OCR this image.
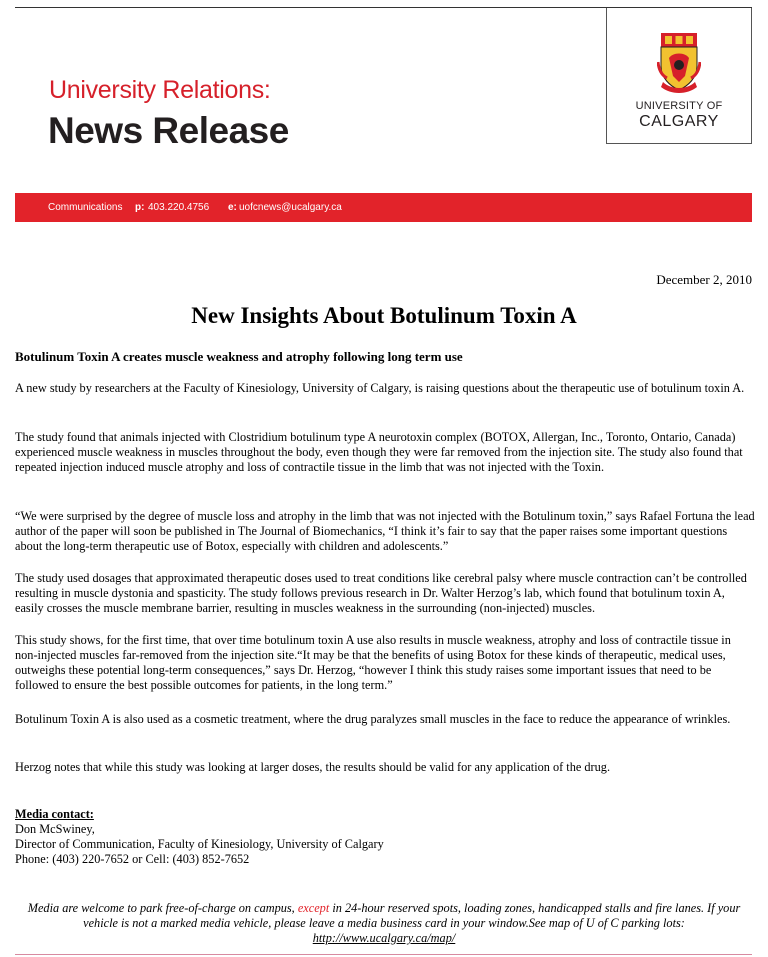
University Relations:
News Release
UNIVERSITY OF
CALGARY
Communications p: 403.220.4756 e: uofcnews@ucalgary.ca
December 2, 2010
New Insights About Botulinum Toxin A
Botulinum Toxin A creates muscle weakness and atrophy following long term use

A new study by researchers at the Faculty of Kinesiology, University of Calgary, is raising questions about the therapeutic use of botulinum toxin A.

The study found that animals injected with Clostridium botulinum type A neurotoxin complex (BOTOX, Allergan, Inc., Toronto, Ontario, Canada) experienced muscle weakness in muscles throughout the body, even though they were far removed from the injection site. The study also found that repeated injection induced muscle atrophy and loss of contractile tissue in the limb that was not injected with the Toxin.

“We were surprised by the degree of muscle loss and atrophy in the limb that was not injected with the Botulinum toxin,” says Rafael Fortuna the lead author of the paper will soon be published in The Journal of Biomechanics, “I think it’s fair to say that the paper raises some important questions about the long-term therapeutic use of Botox, especially with children and adolescents.”

The study used dosages that approximated therapeutic doses used to treat conditions like cerebral palsy where muscle contraction can’t be controlled resulting in muscle dystonia and spasticity. The study follows previous research in Dr. Walter Herzog’s lab, which found that botulinum toxin A, easily crosses the muscle membrane barrier, resulting in muscles weakness in the surrounding (non-injected) muscles.

This study shows, for the first time, that over time botulinum toxin A use also results in muscle weakness, atrophy and loss of contractile tissue in non-injected muscles far-removed from the injection site.“It may be that the benefits of using Botox for these kinds of therapeutic, medical uses, outweighs these potential long-term consequences,” says Dr. Herzog, “however I think this study raises some important issues that need to be followed to ensure the best possible outcomes for patients, in the long term.”

Botulinum Toxin A is also used as a cosmetic treatment, where the drug paralyzes small muscles in the face to reduce the appearance of wrinkles.

Herzog notes that while this study was looking at larger doses, the results should be valid for any application of the drug.

Media contact:
Don McSwiney,
Director of Communication, Faculty of Kinesiology, University of Calgary
Phone: (403) 220-7652 or Cell: (403) 852-7652
Media are welcome to park free-of-charge on campus, except in 24-hour reserved spots, loading zones, handicapped stalls and fire lanes. If your vehicle is not a marked media vehicle, please leave a media business card in your window.See map of U of C parking lots:
http://www.ucalgary.ca/map/
